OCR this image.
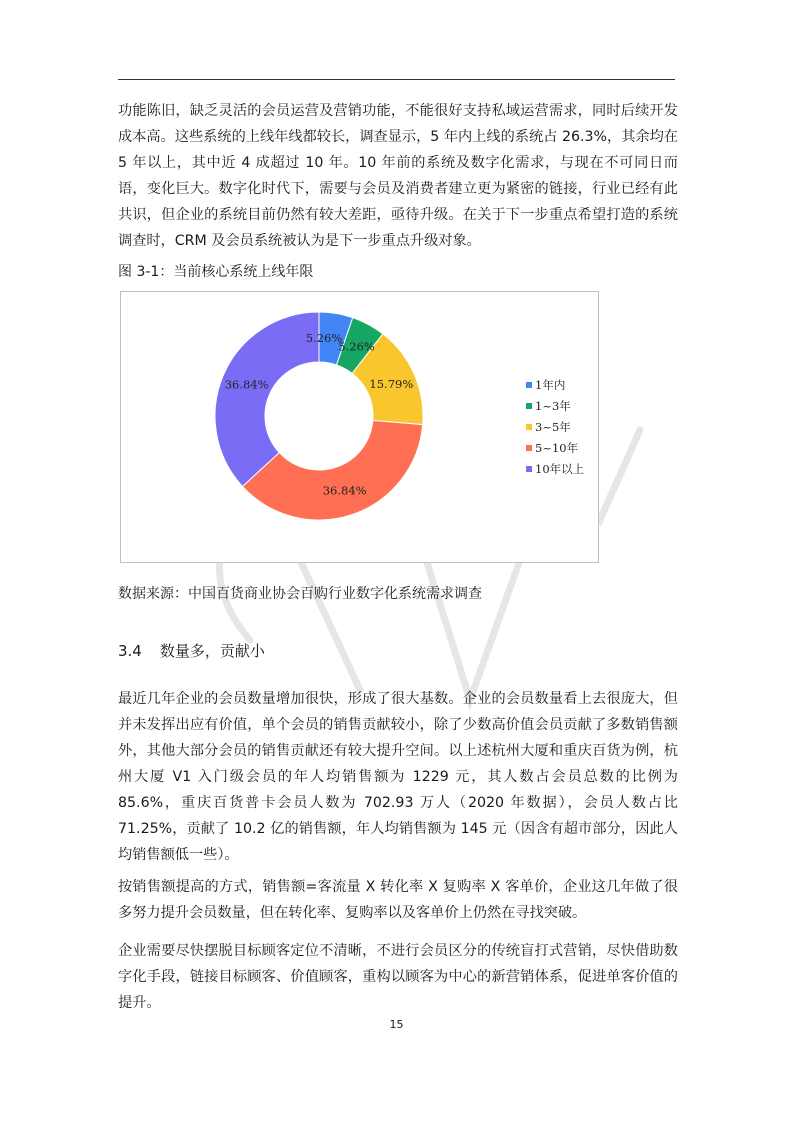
功能陈旧，缺乏灵活的会员运营及营销功能，不能很好支持私域运营需求，同时后续开发成本高。这些系统的上线年线都较长，调查显示，5 年内上线的系统占 26.3%，其余均在 5 年以上，其中近 4 成超过 10 年。10 年前的系统及数字化需求，与现在不可同日而语，变化巨大。数字化时代下，需要与会员及消费者建立更为紧密的链接，行业已经有此共识，但企业的系统目前仍然有较大差距，亟待升级。在关于下一步重点希望打造的系统调查时，CRM 及会员系统被认为是下一步重点升级对象。

图 3-1：当前核心系统上线年限
5.26%
5.26%
15.79%
36.84%
36.84%	1年内
1~3年
3~5年
5~10年
10年以上
数据来源：中国百货商业协会百购行业数字化系统需求调查
3.4 数量多，贡献小

最近几年企业的会员数量增加很快，形成了很大基数。企业的会员数量看上去很庞大，但并未发挥出应有价值，单个会员的销售贡献较小，除了少数高价值会员贡献了多数销售额外，其他大部分会员的销售贡献还有较大提升空间。以上述杭州大厦和重庆百货为例，杭州大厦 V1 入门级会员的年人均销售额为 1229 元，其人数占会员总数的比例为 85.6%，重庆百货普卡会员人数为 702.93 万人（2020 年数据），会员人数占比 71.25%，贡献了 10.2 亿的销售额，年人均销售额为 145 元（因含有超市部分，因此人均销售额低一些）。

按销售额提高的方式，销售额=客流量 X 转化率 X 复购率 X 客单价，企业这几年做了很多努力提升会员数量，但在转化率、复购率以及客单价上仍然在寻找突破。

企业需要尽快摆脱目标顾客定位不清晰，不进行会员区分的传统盲打式营销，尽快借助数字化手段，链接目标顾客、价值顾客，重构以顾客为中心的新营销体系，促进单客价值的提升。

15
